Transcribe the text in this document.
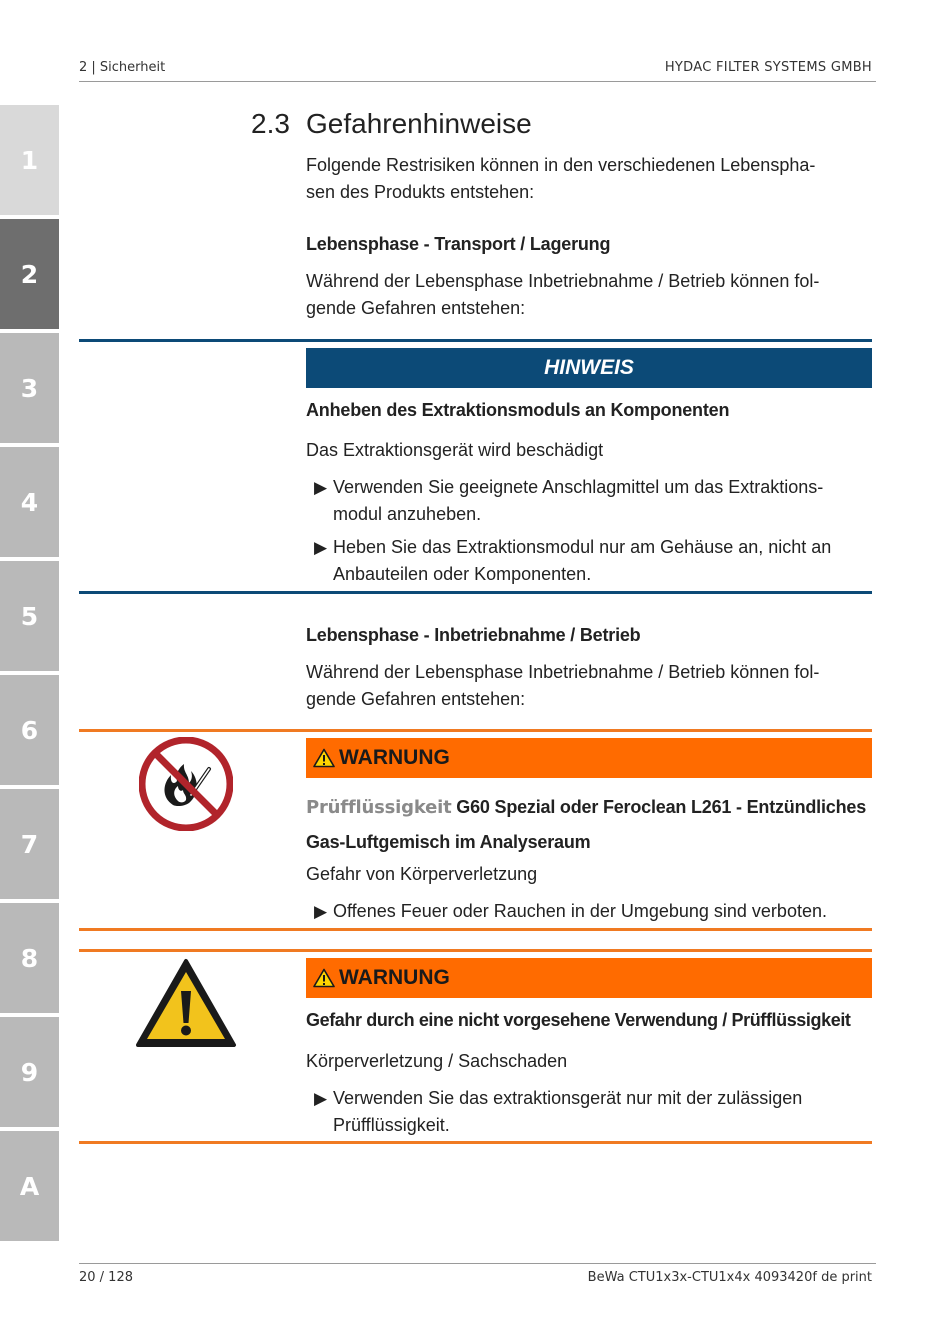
2 | Sicherheit	HYDAC FILTER SYSTEMS GMBH
1
2
3
4
5
6
7
8
9
A
2.3 Gefahrenhinweise
Folgende Restrisiken können in den verschiedenen Lebenspha-
sen des Produkts entstehen:
Lebensphase - Transport / Lagerung
Während der Lebensphase Inbetriebnahme / Betrieb können fol-
gende Gefahren entstehen:
HINWEIS
Anheben des Extraktionsmoduls an Komponenten
Das Extraktionsgerät wird beschädigt
▶ Verwenden Sie geeignete Anschlagmittel um das Extraktions-
modul anzuheben.
▶ Heben Sie das Extraktionsmodul nur am Gehäuse an, nicht an
Anbauteilen oder Komponenten.
Lebensphase - Inbetriebnahme / Betrieb
Während der Lebensphase Inbetriebnahme / Betrieb können fol-
gende Gefahren entstehen:
WARNUNG
Prüfflüssigkeit G60 Spezial oder Feroclean L261 - Entzündliches
Gas-Luftgemisch im Analyseraum
Gefahr von Körperverletzung
▶ Offenes Feuer oder Rauchen in der Umgebung sind verboten.
WARNUNG
Gefahr durch eine nicht vorgesehene Verwendung / Prüfflüssigkeit
Körperverletzung / Sachschaden
▶ Verwenden Sie das extraktionsgerät nur mit der zulässigen
Prüfflüssigkeit.
20 / 128	BeWa CTU1x3x-CTU1x4x 4093420f de print
